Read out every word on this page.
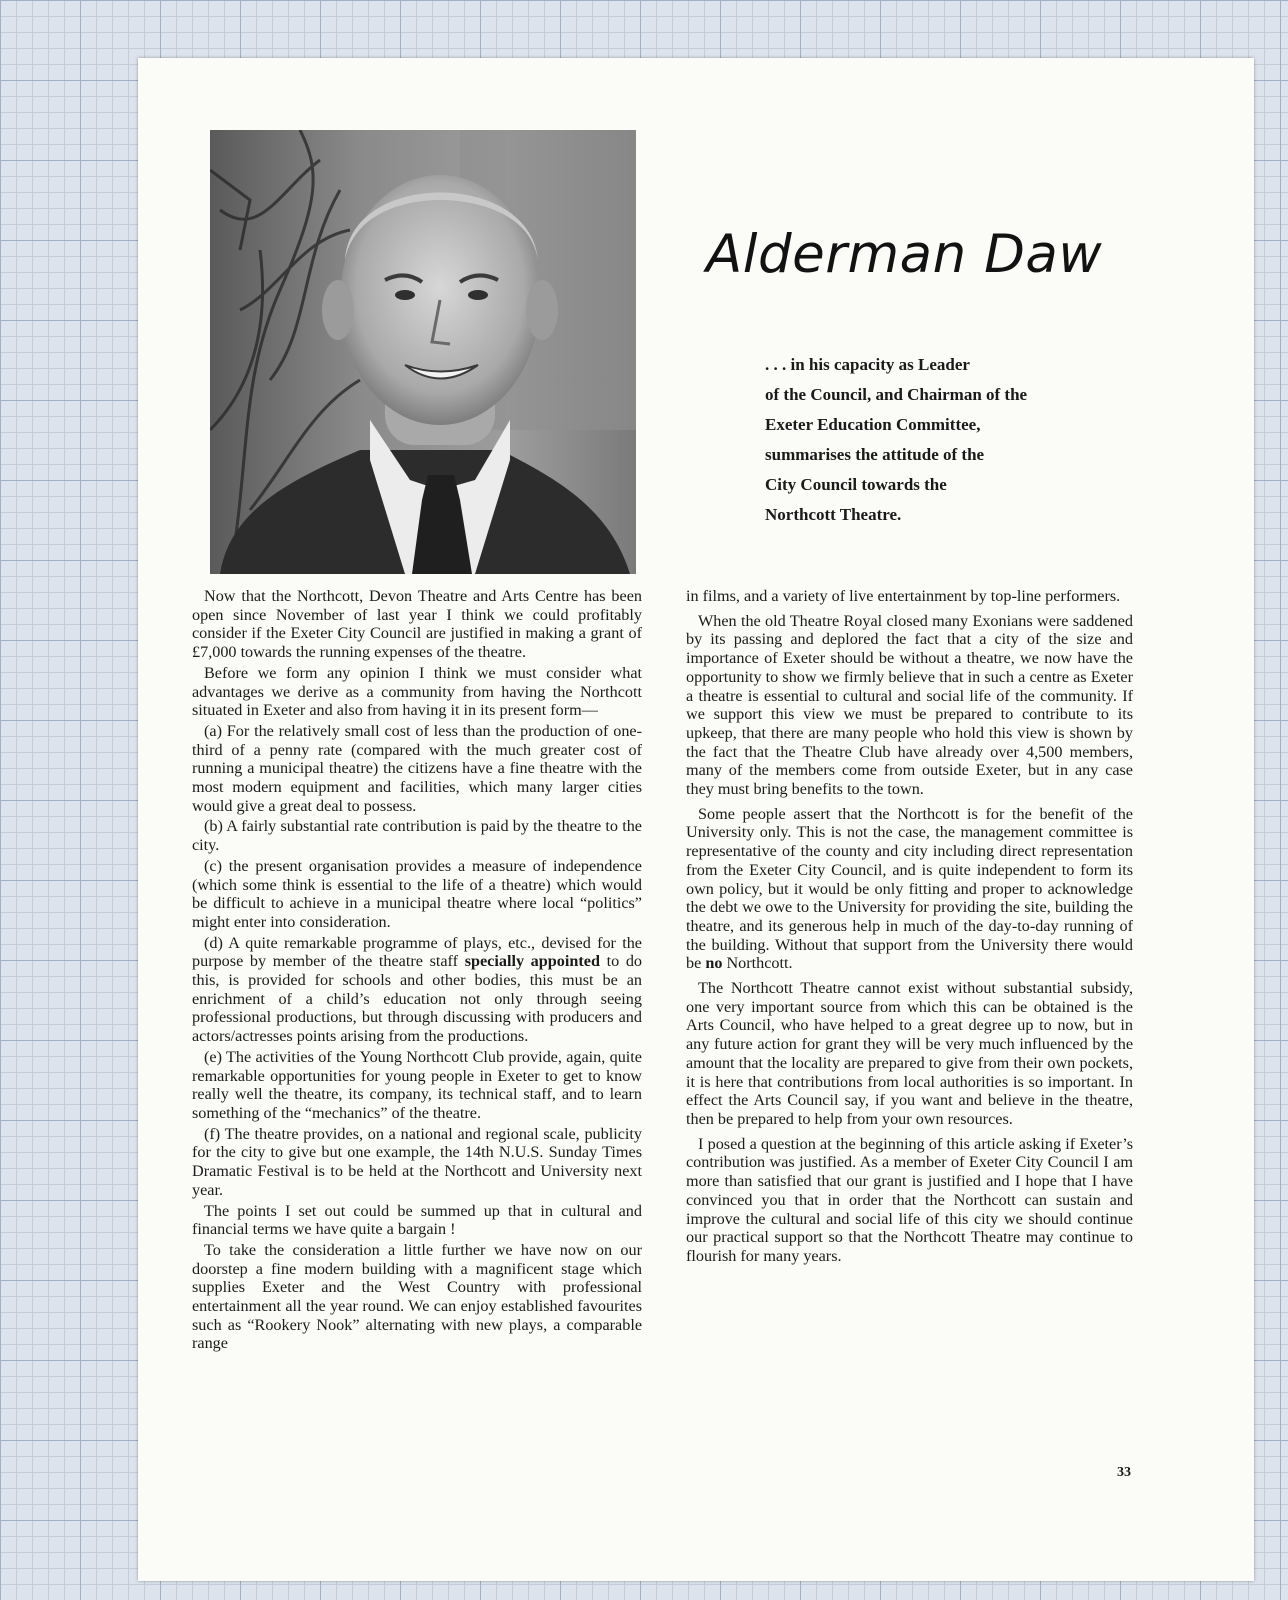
Alderman Daw
. . . in his capacity as Leader
of the Council, and Chairman of the
Exeter Education Committee,
summarises the attitude of the
City Council towards the
Northcott Theatre.

Now that the Northcott, Devon Theatre and Arts Centre has been open since November of last year I think we could profitably consider if the Exeter City Council are justified in making a grant of £7,000 towards the running expenses of the theatre.

Before we form any opinion I think we must consider what advantages we derive as a community from having the Northcott situated in Exeter and also from having it in its present form—

(a) For the relatively small cost of less than the production of one-third of a penny rate (compared with the much greater cost of running a municipal theatre) the citizens have a fine theatre with the most modern equipment and facilities, which many larger cities would give a great deal to possess.

(b) A fairly substantial rate contribution is paid by the theatre to the city.

(c) the present organisation provides a measure of independence (which some think is essential to the life of a theatre) which would be difficult to achieve in a municipal theatre where local “politics” might enter into consideration.

(d) A quite remarkable programme of plays, etc., devised for the purpose by member of the theatre staff specially appointed to do this, is provided for schools and other bodies, this must be an enrichment of a child’s education not only through seeing professional productions, but through discussing with producers and actors/actresses points arising from the productions.

(e) The activities of the Young Northcott Club provide, again, quite remarkable opportunities for young people in Exeter to get to know really well the theatre, its company, its technical staff, and to learn something of the “mechanics” of the theatre.

(f) The theatre provides, on a national and regional scale, publicity for the city to give but one example, the 14th N.U.S. Sunday Times Dramatic Festival is to be held at the Northcott and University next year.

The points I set out could be summed up that in cultural and financial terms we have quite a bargain !

To take the consideration a little further we have now on our doorstep a fine modern building with a magnificent stage which supplies Exeter and the West Country with professional entertainment all the year round. We can enjoy established favourites such as “Rookery Nook” alternating with new plays, a comparable range

in films, and a variety of live entertainment by top-line performers.

When the old Theatre Royal closed many Exonians were saddened by its passing and deplored the fact that a city of the size and importance of Exeter should be without a theatre, we now have the opportunity to show we firmly believe that in such a centre as Exeter a theatre is essential to cultural and social life of the community. If we support this view we must be prepared to contribute to its upkeep, that there are many people who hold this view is shown by the fact that the Theatre Club have already over 4,500 members, many of the members come from outside Exeter, but in any case they must bring benefits to the town.

Some people assert that the Northcott is for the benefit of the University only. This is not the case, the management committee is representative of the county and city including direct representation from the Exeter City Council, and is quite independent to form its own policy, but it would be only fitting and proper to acknowledge the debt we owe to the University for providing the site, building the theatre, and its generous help in much of the day-to-day running of the building. Without that support from the University there would be no Northcott.

The Northcott Theatre cannot exist without substantial subsidy, one very important source from which this can be obtained is the Arts Council, who have helped to a great degree up to now, but in any future action for grant they will be very much influenced by the amount that the locality are prepared to give from their own pockets, it is here that contributions from local authorities is so important. In effect the Arts Council say, if you want and believe in the theatre, then be prepared to help from your own resources.

I posed a question at the beginning of this article asking if Exeter’s contribution was justified. As a member of Exeter City Council I am more than satisfied that our grant is justified and I hope that I have convinced you that in order that the Northcott can sustain and improve the cultural and social life of this city we should continue our practical support so that the Northcott Theatre may continue to flourish for many years.

33
